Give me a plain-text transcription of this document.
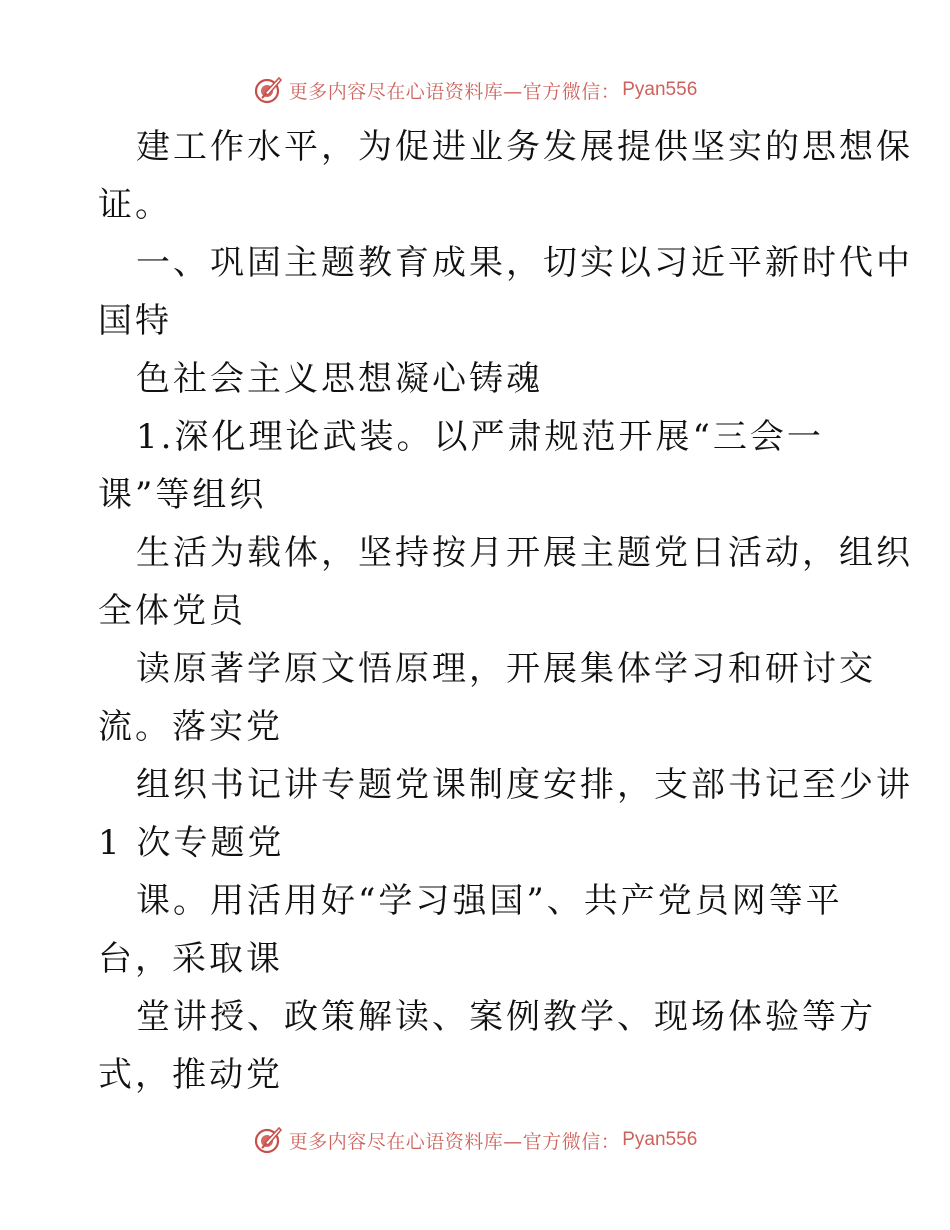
更多内容尽在心语资料库—官方微信： Pyan556
建工作水平，为促进业务发展提供坚实的思想保
证。
一、巩固主题教育成果，切实以习近平新时代中
国特
色社会主义思想凝心铸魂
1.深化理论武装。以严肃规范开展“三会一
课”等组织
生活为载体，坚持按月开展主题党日活动，组织
全体党员
读原著学原文悟原理，开展集体学习和研讨交
流。落实党
组织书记讲专题党课制度安排，支部书记至少讲
1 次专题党
课。用活用好“学习强国”、共产党员网等平
台，采取课
堂讲授、政策解读、案例教学、现场体验等方
式，推动党
更多内容尽在心语资料库—官方微信： Pyan556
